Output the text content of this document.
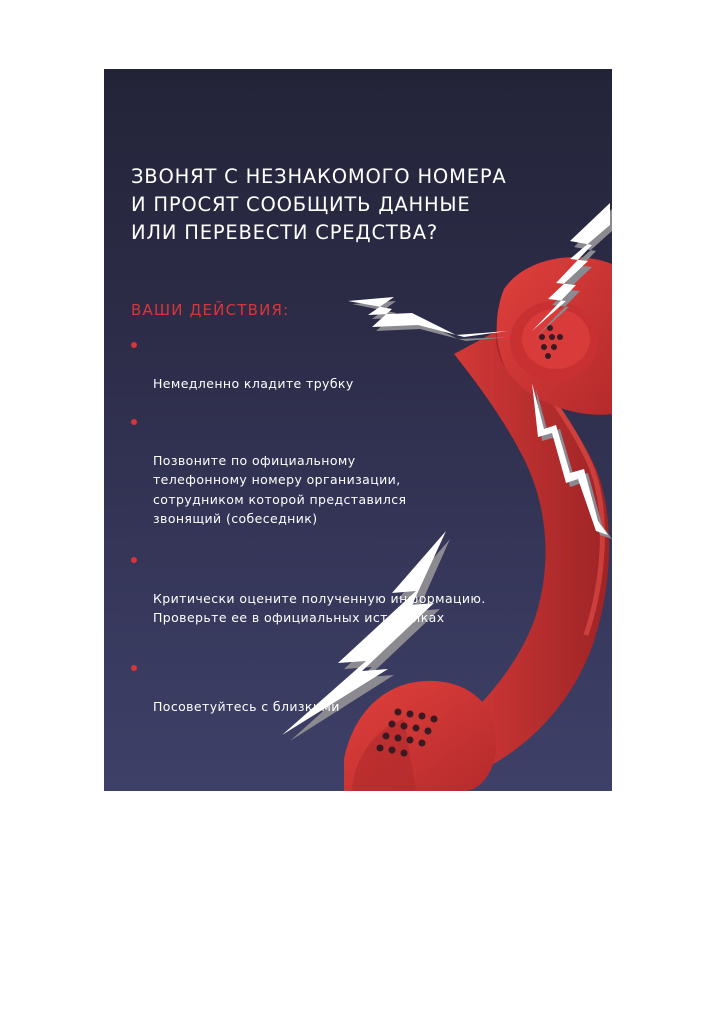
ЗВОНЯТ С НЕЗНАКОМОГО НОМЕРА
И ПРОСЯТ СООБЩИТЬ ДАННЫЕ
ИЛИ ПЕРЕВЕСТИ СРЕДСТВА?
ВАШИ ДЕЙСТВИЯ:

Немедленно кладите трубку

Позвоните по официальному
телефонному номеру организации,
сотрудником которой представился
звонящий (собеседник)

Критически оцените полученную информацию.
Проверьте ее в официальных источниках

Посоветуйтесь с близкими
